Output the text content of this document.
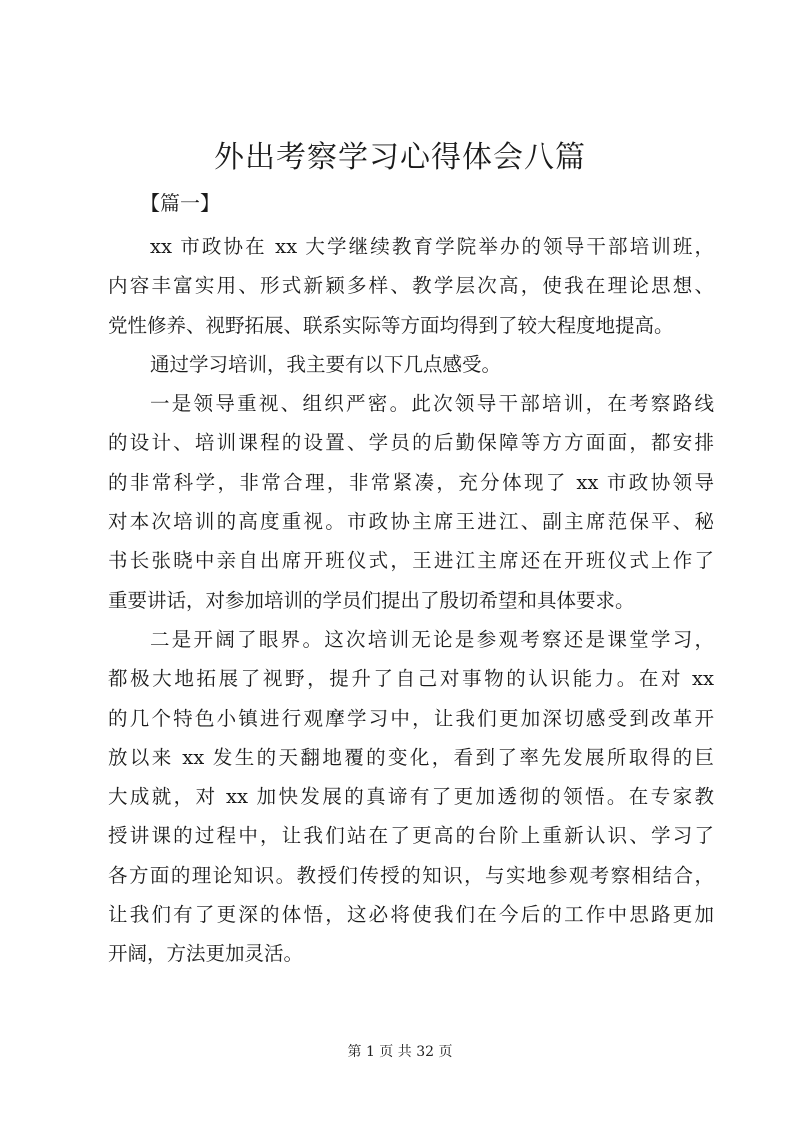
外出考察学习心得体会八篇
【篇一】

xx 市政协在 xx 大学继续教育学院举办的领导干部培训班，
内容丰富实用、形式新颖多样、教学层次高，使我在理论思想、
党性修养、视野拓展、联系实际等方面均得到了较大程度地提高。

通过学习培训，我主要有以下几点感受。

一是领导重视、组织严密。此次领导干部培训，在考察路线
的设计、培训课程的设置、学员的后勤保障等方方面面，都安排
的非常科学，非常合理，非常紧凑，充分体现了 xx 市政协领导
对本次培训的高度重视。市政协主席王进江、副主席范保平、秘
书长张晓中亲自出席开班仪式，王进江主席还在开班仪式上作了
重要讲话，对参加培训的学员们提出了殷切希望和具体要求。

二是开阔了眼界。这次培训无论是参观考察还是课堂学习，
都极大地拓展了视野，提升了自己对事物的认识能力。在对 xx
的几个特色小镇进行观摩学习中，让我们更加深切感受到改革开
放以来 xx 发生的天翻地覆的变化，看到了率先发展所取得的巨
大成就，对 xx 加快发展的真谛有了更加透彻的领悟。在专家教
授讲课的过程中，让我们站在了更高的台阶上重新认识、学习了
各方面的理论知识。教授们传授的知识，与实地参观考察相结合，
让我们有了更深的体悟，这必将使我们在今后的工作中思路更加
开阔，方法更加灵活。

第 1 页 共 32 页
